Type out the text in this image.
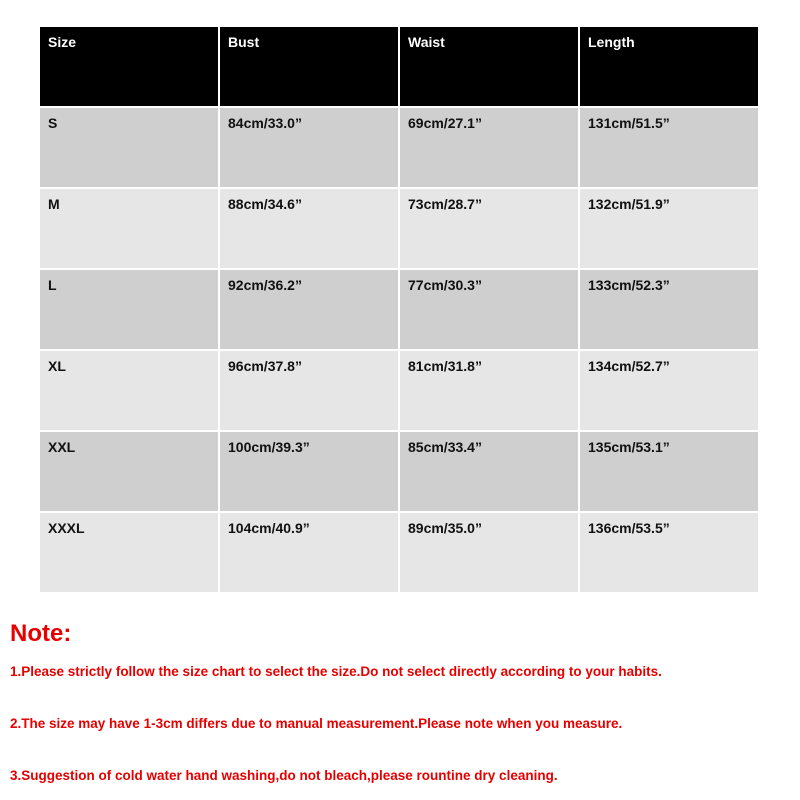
Size	Bust	Waist	Length
S	84cm/33.0”	69cm/27.1”	131cm/51.5”
M	88cm/34.6”	73cm/28.7”	132cm/51.9”
L	92cm/36.2”	77cm/30.3”	133cm/52.3”
XL	96cm/37.8”	81cm/31.8”	134cm/52.7”
XXL	100cm/39.3”	85cm/33.4”	135cm/53.1”
XXXL	104cm/40.9”	89cm/35.0”	136cm/53.5”
Note:
1.Please strictly follow the size chart to select the size.Do not select directly according to your habits.
2.The size may have 1-3cm differs due to manual measurement.Please note when you measure.
3.Suggestion of cold water hand washing,do not bleach,please rountine dry cleaning.
